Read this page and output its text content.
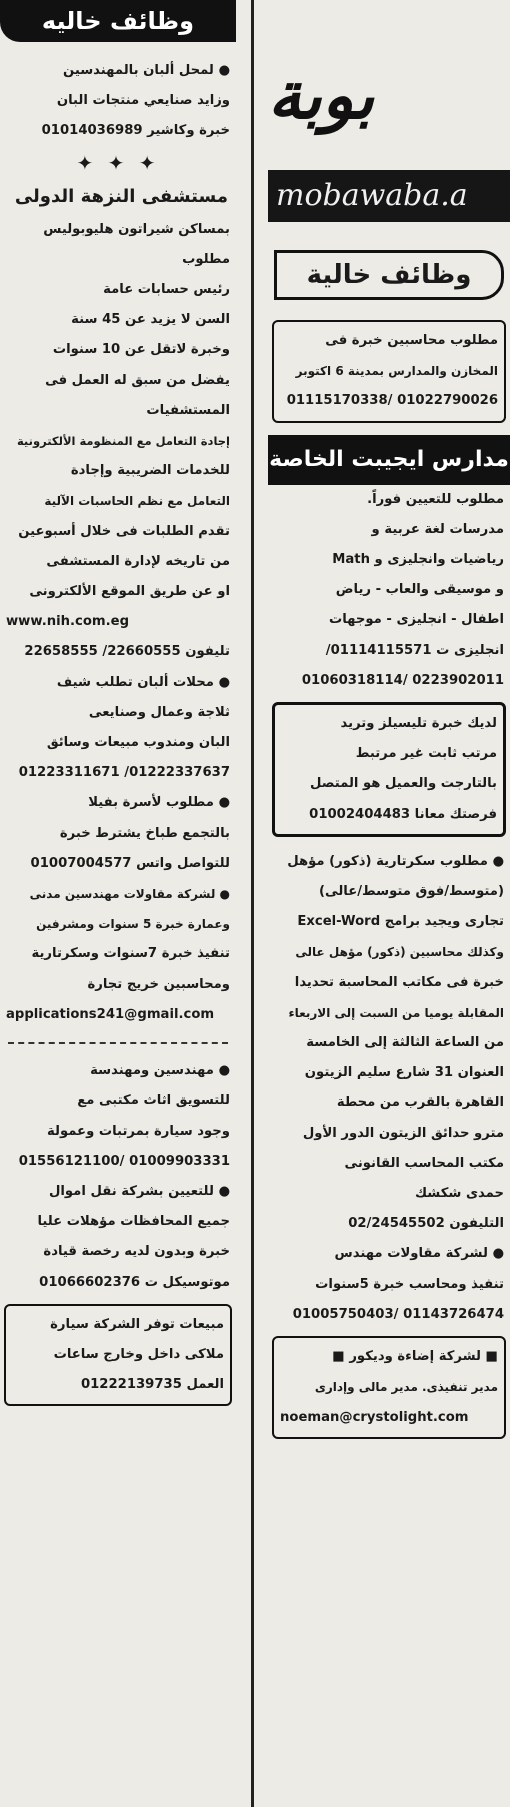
وظائف خاليه
● لمحل ألبان بالمهندسين
وزايد صنايعي منتجات البان
خبرة وكاشير 01014036989
✦ ✦ ✦
مستشفى النزهة الدولى
بمساكن شيراتون هليوبوليس
مطلوب
رئيس حسابات عامة
السن لا يزيد عن 45 سنة
وخبرة لاتقل عن 10 سنوات
يفضل من سبق له العمل فى
المستشفيات
إجادة التعامل مع المنظومة الألكترونية
للخدمات الضريبية وإجادة
التعامل مع نظم الحاسبات الآلية
تقدم الطلبات فى خلال أسبوعين
من تاريخه لإدارة المستشفى
او عن طريق الموقع الألكترونى
www.nih.com.eg
تليفون 22660555/ 22658555
● محلات ألبان تطلب شيف
ثلاجة وعمال وصنايعى
البان ومندوب مبيعات وسائق
01222337637/ 01223311671
● مطلوب لأسرة بفيلا
بالتجمع طباخ يشترط خبرة
للتواصل واتس 01007004577
● لشركة مقاولات مهندسين مدنى
وعمارة خبرة 5 سنوات ومشرفين
تنفيذ خبرة 7سنوات وسكرتارية
ومحاسبين خريج تجارة
applications241@gmail.com
● مهندسين ومهندسة
للتسويق اثاث مكتبى مع
وجود سيارة بمرتبات وعمولة
01009903331 /01556121100
● للتعيين بشركة نقل اموال
جميع المحافظات مؤهلات عليا
خبرة وبدون لديه رخصة قيادة
موتوسيكل ت 01066602376
مبيعات توفر الشركة سيارة
ملاكى داخل وخارج ساعات
العمل 01222139735
بوبة
mobawaba.a
وظائف خالية
مطلوب محاسبين خبرة فى
المخازن والمدارس بمدينة 6 اكتوبر
01022790026 /01115170338
مدارس ايجيبت الخاصة
مطلوب للتعيين فوراً.
مدرسات لغة عربية و
رياضيات وانجليزى و Math
و موسيقى والعاب - رياض
اطفال - انجليزى - موجهات
انجليزى ت 01114115571/
0223902011 /01060318114
لديك خبرة تليسيلز وتريد
مرتب ثابت غير مرتبط
بالتارجت والعميل هو المتصل
فرصتك معانا 01002404483
● مطلوب سكرتارية (ذكور) مؤهل
(متوسط/فوق متوسط/عالى)
تجارى ويجيد برامج Excel-Word
وكذلك محاسبين (ذكور) مؤهل عالى
خبرة فى مكاتب المحاسبة تحديدا
المقابلة يوميا من السبت إلى الاربعاء
من الساعة الثالثة إلى الخامسة
العنوان 31 شارع سليم الزيتون
القاهرة بالقرب من محطة
مترو حدائق الزيتون الدور الأول
مكتب المحاسب القانونى
حمدى شكشك
التليفون 02/24545502
● لشركة مقاولات مهندس
تنفيذ ومحاسب خبرة 5سنوات
01143726474 /01005750403
■ لشركة إضاءة وديكور ■
مدير تنفيذى. مدير مالى وإدارى
noeman@crystolight.com
